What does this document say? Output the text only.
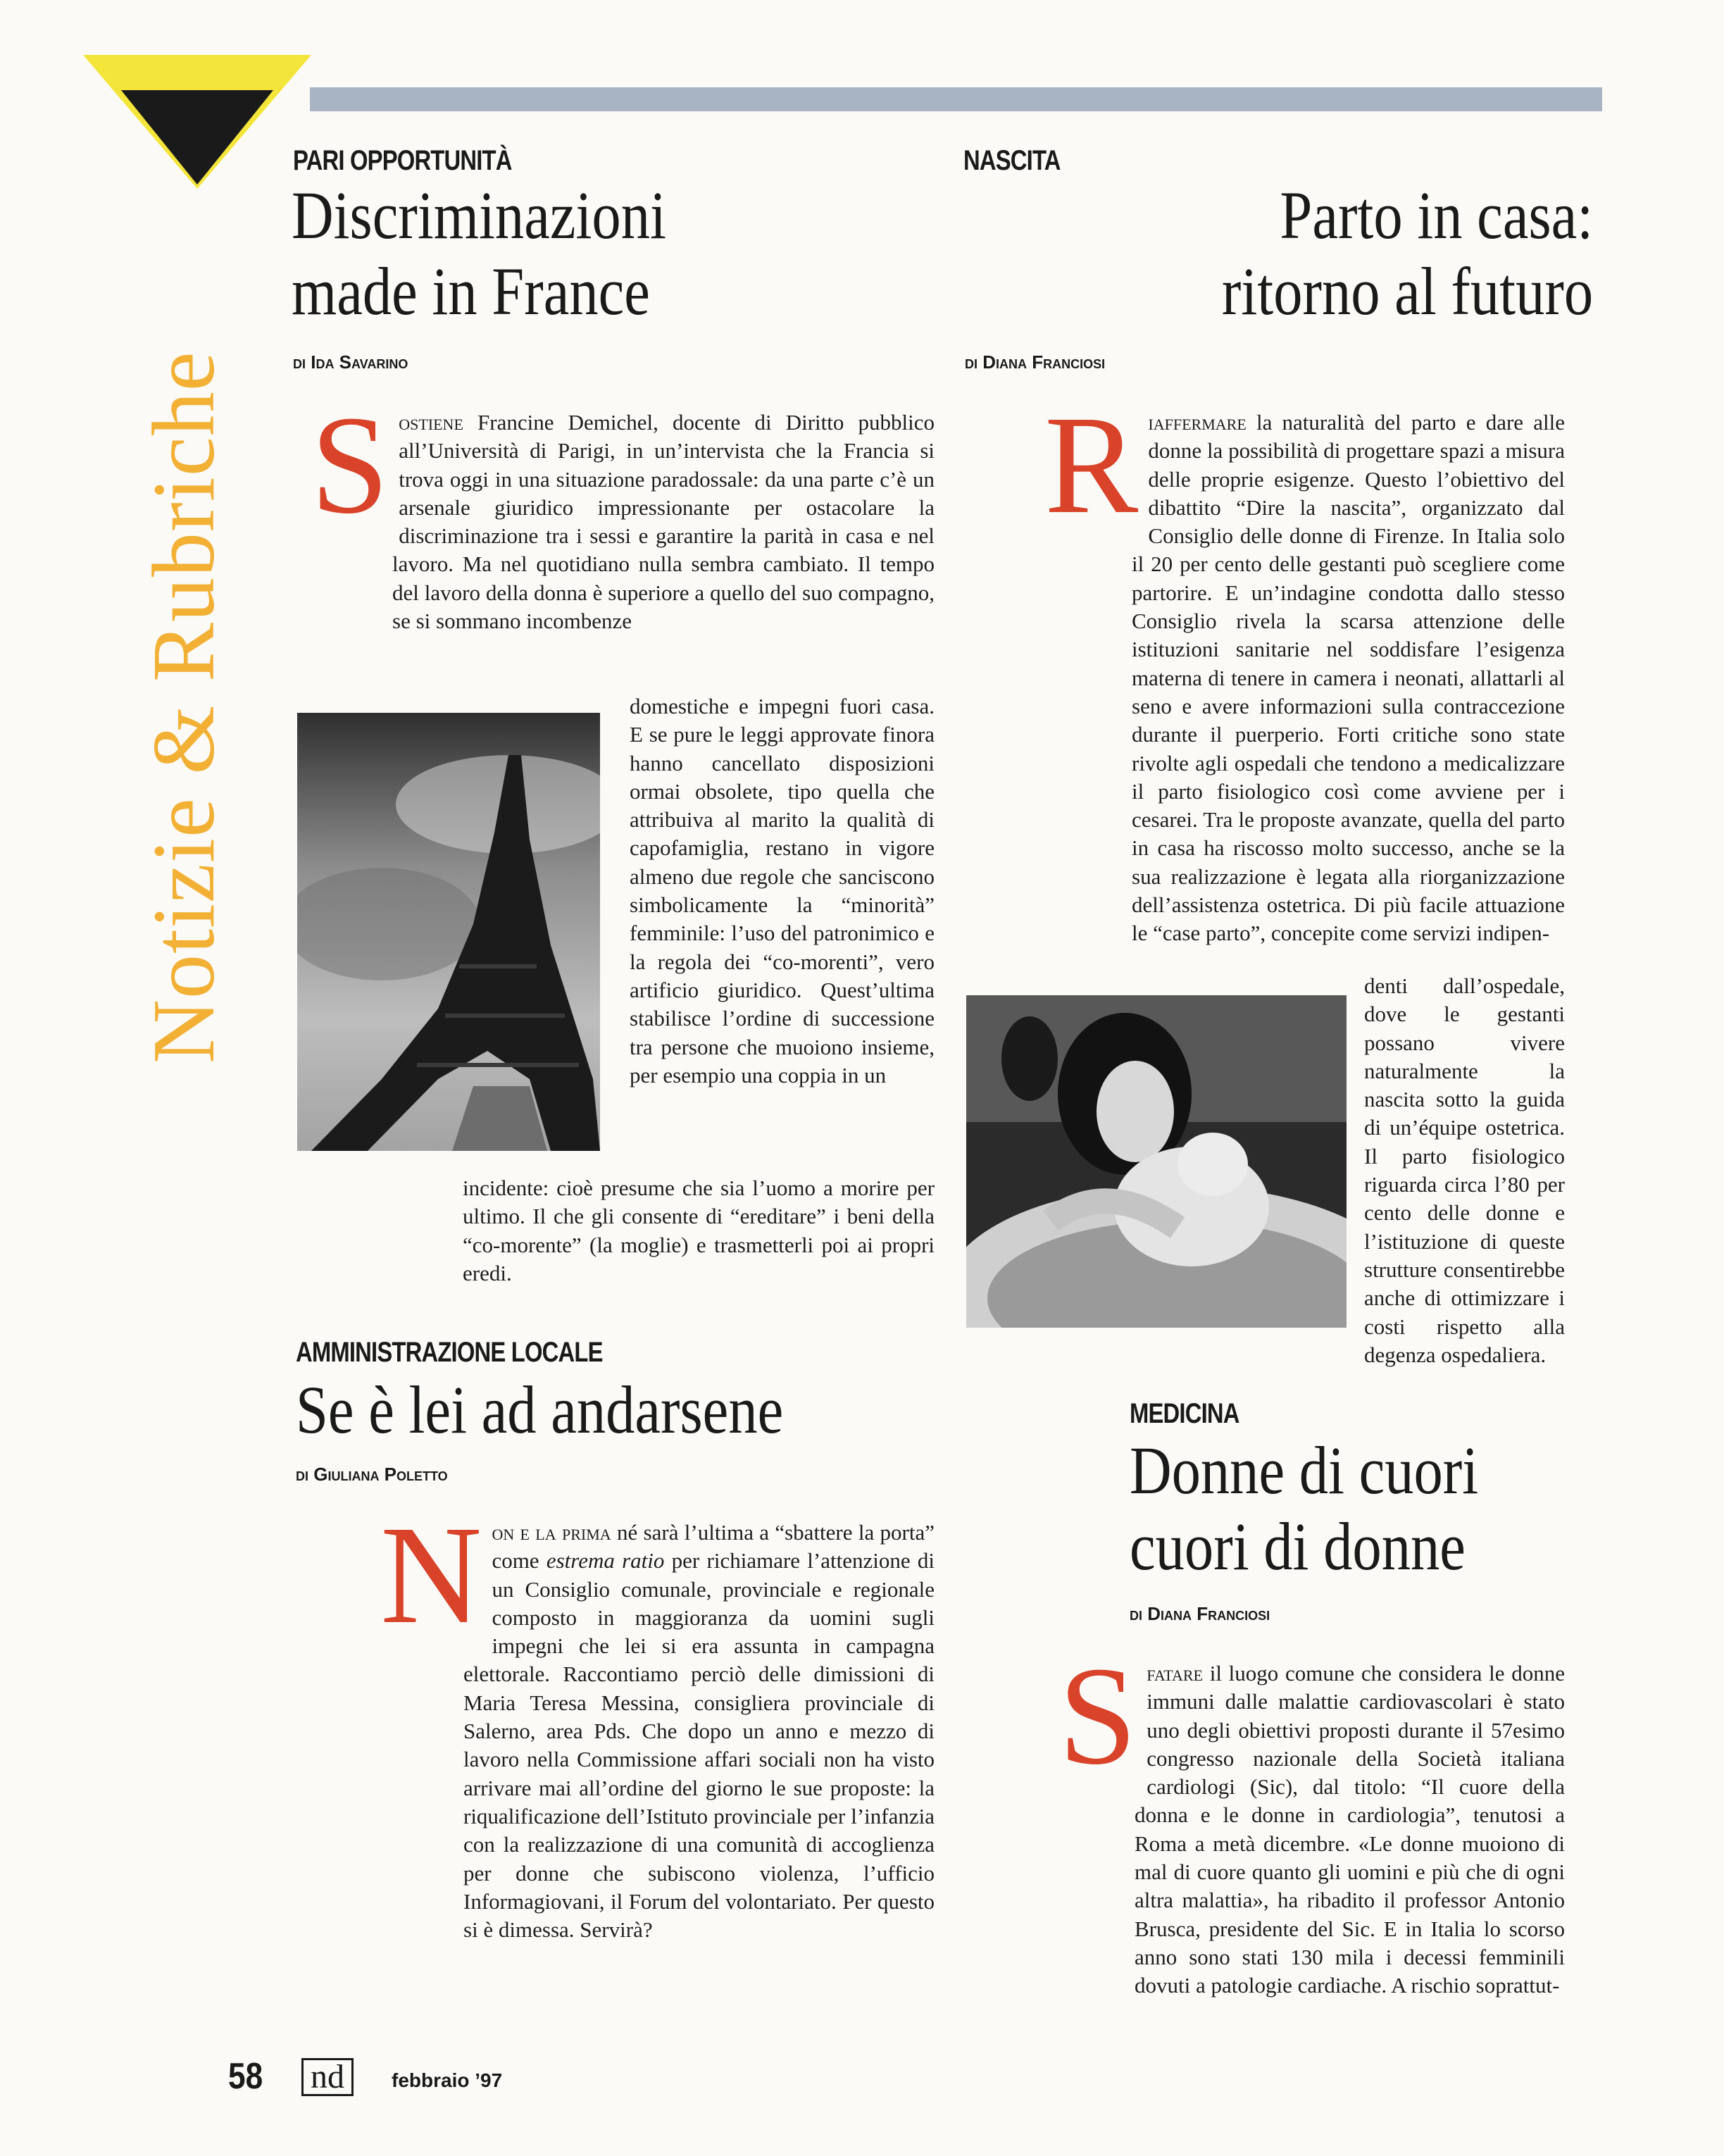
Notizie & Rubriche
PARI OPPORTUNITÀ
Discriminazioni
made in France
di Ida Savarino
Sostiene Francine Demichel, docente di Diritto pubblico all’Università di Parigi, in un’intervista che la Francia si trova oggi in una situazione paradossale: da una parte c’è un arsenale giuridico impressionante per ostacolare la discriminazione tra i sessi e garantire la parità in casa e nel lavoro. Ma nel quotidiano nulla sembra cambiato. Il tempo del lavoro della donna è superiore a quello del suo compagno, se si sommano incombenze
domestiche e impegni fuori casa. E se pure le leggi approvate finora hanno cancellato disposizioni ormai obsolete, tipo quella che attribuiva al marito la qualità di capofamiglia, restano in vigore almeno due regole che sanciscono simbolicamente la “minorità” femminile: l’uso del patronimico e la regola dei “co-morenti”, vero artificio giuridico. Quest’ultima stabilisce l’ordine di successione tra persone che muoiono insieme, per esempio una coppia in un
incidente: cioè presume che sia l’uomo a morire per ultimo. Il che gli consente di “ereditare” i beni della “co-morente” (la moglie) e trasmetterli poi ai propri eredi.
NASCITA
Parto in casa:
ritorno al futuro
di Diana Franciosi
Riaffermare la naturalità del parto e dare alle donne la possibilità di progettare spazi a misura delle proprie esigenze. Questo l’obiettivo del dibattito “Dire la nascita”, organizzato dal Consiglio delle donne di Firenze. In Italia solo il 20 per cento delle gestanti può scegliere come partorire. E un’indagine condotta dallo stesso Consiglio rivela la scarsa attenzione delle istituzioni sanitarie nel soddisfare l’esigenza materna di tenere in camera i neonati, allattarli al seno e avere informazioni sulla contraccezione durante il puerperio. Forti critiche sono state rivolte agli ospedali che tendono a medicalizzare il parto fisiologico così come avviene per i cesarei. Tra le proposte avanzate, quella del parto in casa ha riscosso molto successo, anche se la sua realizzazione è legata alla riorganizzazione dell’assistenza ostetrica. Di più facile attuazione le “case parto”, concepite come servizi indipen-
denti dall’ospedale, dove le gestanti possano vivere naturalmente la nascita sotto la guida di un’équipe ostetrica. Il parto fisiologico riguarda circa l’80 per cento delle donne e l’istituzione di queste strutture consentirebbe anche di ottimizzare i costi rispetto alla degenza ospedaliera.
AMMINISTRAZIONE LOCALE
Se è lei ad andarsene
di Giuliana Poletto
Non e la prima né sarà l’ultima a “sbattere la porta” come estrema ratio per richiamare l’attenzione di un Consiglio comunale, provinciale e regionale composto in maggioranza da uomini sugli impegni che lei si era assunta in campagna elettorale. Raccontiamo perciò delle dimissioni di Maria Teresa Messina, consigliera provinciale di Salerno, area Pds. Che dopo un anno e mezzo di lavoro nella Commissione affari sociali non ha visto arrivare mai all’ordine del giorno le sue proposte: la riqualificazione dell’Istituto provinciale per l’infanzia con la realizzazione di una comunità di accoglienza per donne che subiscono violenza, l’ufficio Informagiovani, il Forum del volontariato. Per questo si è dimessa. Servirà?
MEDICINA
Donne di cuori
cuori di donne
di Diana Franciosi
Sfatare il luogo comune che considera le donne immuni dalle malattie cardiovascolari è stato uno degli obiettivi proposti durante il 57esimo congresso nazionale della Società italiana cardiologi (Sic), dal titolo: “Il cuore della donna e le donne in cardiologia”, tenutosi a Roma a metà dicembre. «Le donne muoiono di mal di cuore quanto gli uomini e più che di ogni altra malattia», ha ribadito il professor Antonio Brusca, presidente del Sic. E in Italia lo scorso anno sono stati 130 mila i decessi femminili dovuti a patologie cardiache. A rischio soprattut-
58 nd	febbraio ’97
